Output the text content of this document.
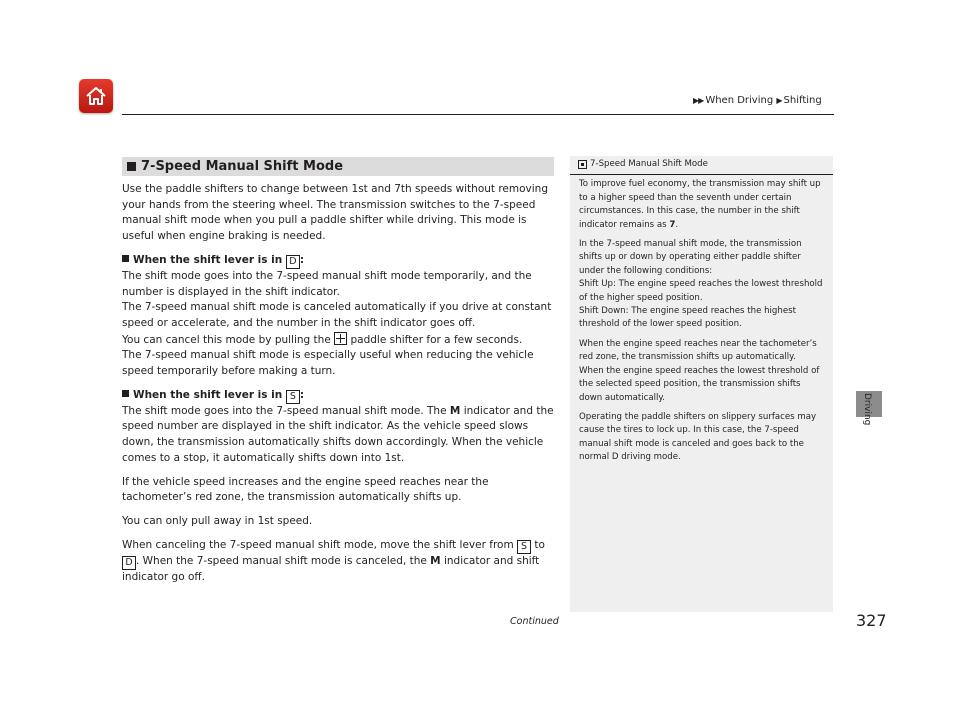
▶▶ When Driving ▶ Shifting
Driving
327
7-Speed Manual Shift Mode

Use the paddle shifters to change between 1st and 7th speeds without removing your hands from the steering wheel. The transmission switches to the 7-speed manual shift mode when you pull a paddle shifter while driving. This mode is useful when engine braking is needed.

When the shift lever is in D :

The shift mode goes into the 7-speed manual shift mode temporarily, and the number is displayed in the shift indicator.

The 7-speed manual shift mode is canceled automatically if you drive at constant speed or accelerate, and the number in the shift indicator goes off.

You can cancel this mode by pulling the paddle shifter for a few seconds.

The 7-speed manual shift mode is especially useful when reducing the vehicle speed temporarily before making a turn.

When the shift lever is in S :

The shift mode goes into the 7-speed manual shift mode. The M indicator and the speed number are displayed in the shift indicator. As the vehicle speed slows down, the transmission automatically shifts down accordingly. When the vehicle comes to a stop, it automatically shifts down into 1st.

If the vehicle speed increases and the engine speed reaches near the tachometer’s red zone, the transmission automatically shifts up.

You can only pull away in 1st speed.

When canceling the 7-speed manual shift mode, move the shift lever from S to D . When the 7-speed manual shift mode is canceled, the M indicator and shift indicator go off.

Continued
7-Speed Manual Shift Mode

To improve fuel economy, the transmission may shift up to a higher speed than the seventh under certain circumstances. In this case, the number in the shift indicator remains as 7.

In the 7-speed manual shift mode, the transmission shifts up or down by operating either paddle shifter under the following conditions:

Shift Up: The engine speed reaches the lowest threshold of the higher speed position.

Shift Down: The engine speed reaches the highest threshold of the lower speed position.

When the engine speed reaches near the tachometer’s red zone, the transmission shifts up automatically.

When the engine speed reaches the lowest threshold of the selected speed position, the transmission shifts down automatically.

Operating the paddle shifters on slippery surfaces may cause the tires to lock up. In this case, the 7-speed manual shift mode is canceled and goes back to the normal D driving mode.
